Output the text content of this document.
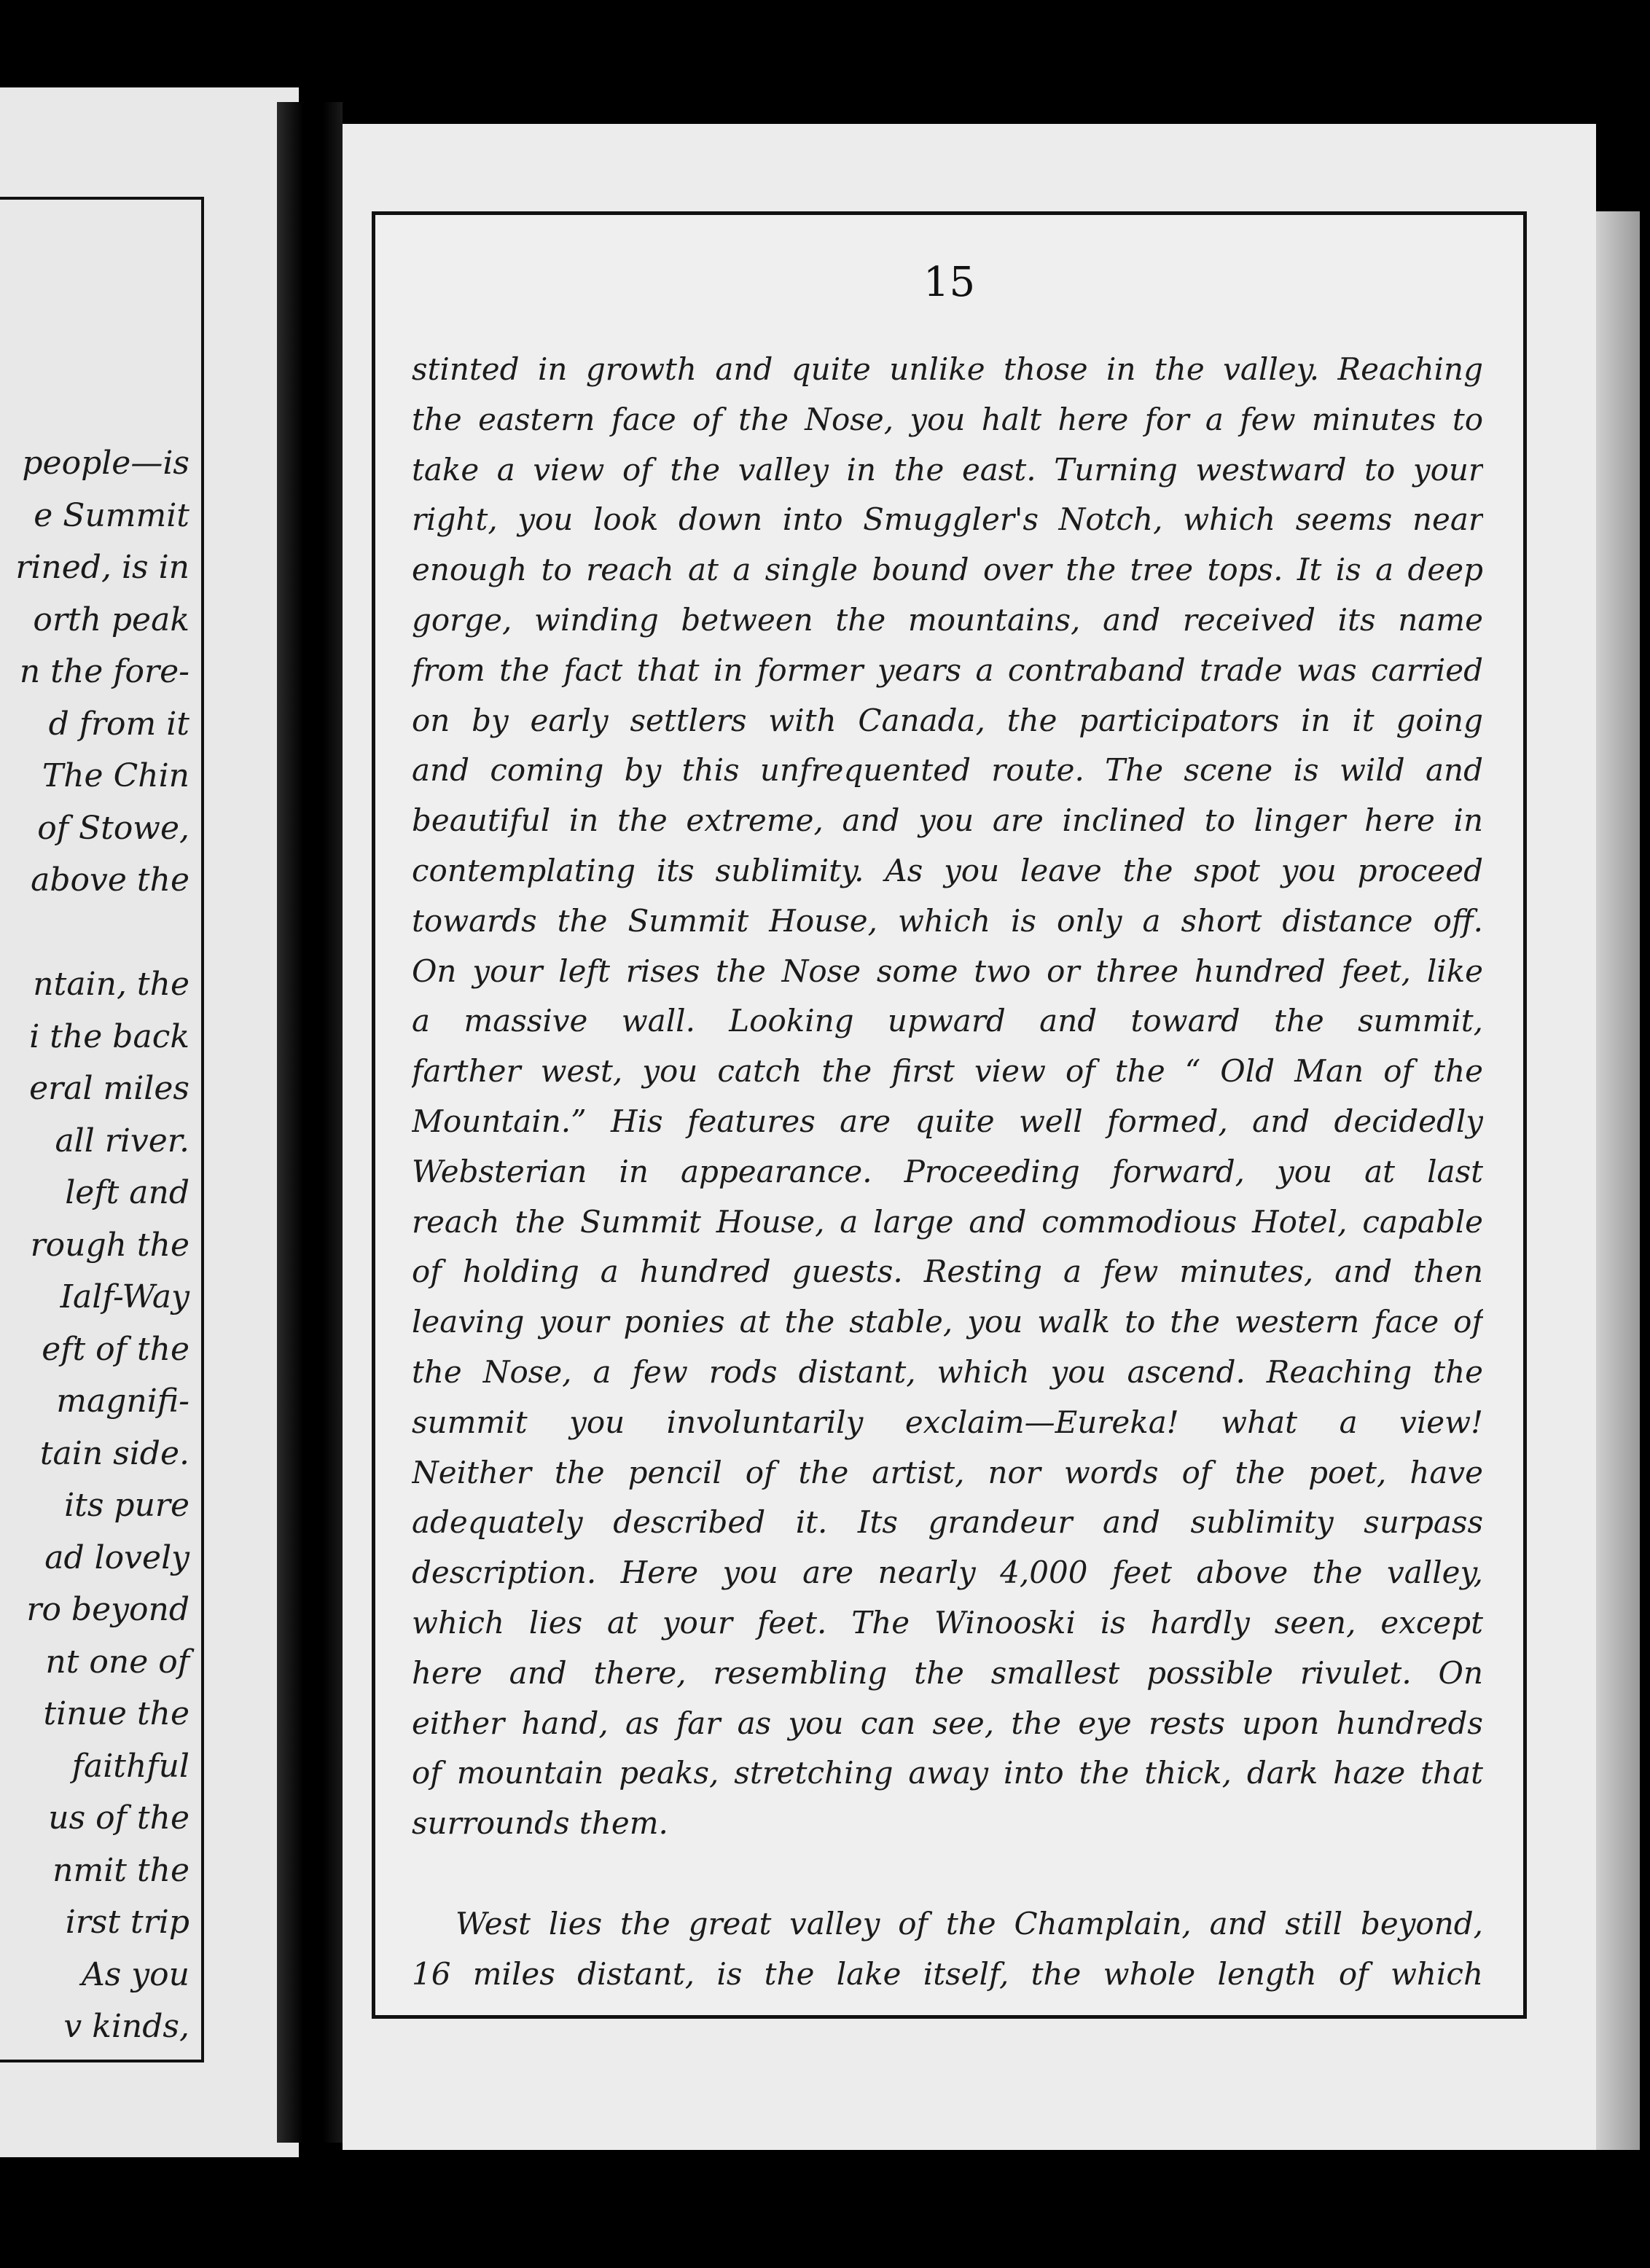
people—is
e Summit
rined, is in
orth peak
n the fore-
d from it
The Chin
of Stowe,
above the

ntain, the
i the back
eral miles
all river.
left and
rough the
Ialf-Way
eft of the
magnifi-
tain side.
its pure
ad lovely
ro beyond
nt one of
tinue the
faithful
us of the
nmit the
irst trip
As you
v kinds,
15
stinted in growth and quite unlike those in the valley. Reaching
the eastern face of the Nose, you halt here for a few minutes to
take a view of the valley in the east. Turning westward to your
right, you look down into Smuggler's Notch, which seems near
enough to reach at a single bound over the tree tops. It is a deep
gorge, winding between the mountains, and received its name
from the fact that in former years a contraband trade was carried
on by early settlers with Canada, the participators in it going
and coming by this unfrequented route. The scene is wild and
beautiful in the extreme, and you are inclined to linger here in
contemplating its sublimity. As you leave the spot you proceed
towards the Summit House, which is only a short distance off.
On your left rises the Nose some two or three hundred feet, like
a massive wall. Looking upward and toward the summit,
farther west, you catch the first view of the “ Old Man of the
Mountain.” His features are quite well formed, and decidedly
Websterian in appearance. Proceeding forward, you at last
reach the Summit House, a large and commodious Hotel, capable
of holding a hundred guests. Resting a few minutes, and then
leaving your ponies at the stable, you walk to the western face of
the Nose, a few rods distant, which you ascend. Reaching the
summit you involuntarily exclaim—Eureka! what a view!
Neither the pencil of the artist, nor words of the poet, have
adequately described it. Its grandeur and sublimity surpass
description. Here you are nearly 4,000 feet above the valley,
which lies at your feet. The Winooski is hardly seen, except
here and there, resembling the smallest possible rivulet. On
either hand, as far as you can see, the eye rests upon hundreds
of mountain peaks, stretching away into the thick, dark haze that
surrounds them.
West lies the great valley of the Champlain, and still beyond,
16 miles distant, is the lake itself, the whole length of which
